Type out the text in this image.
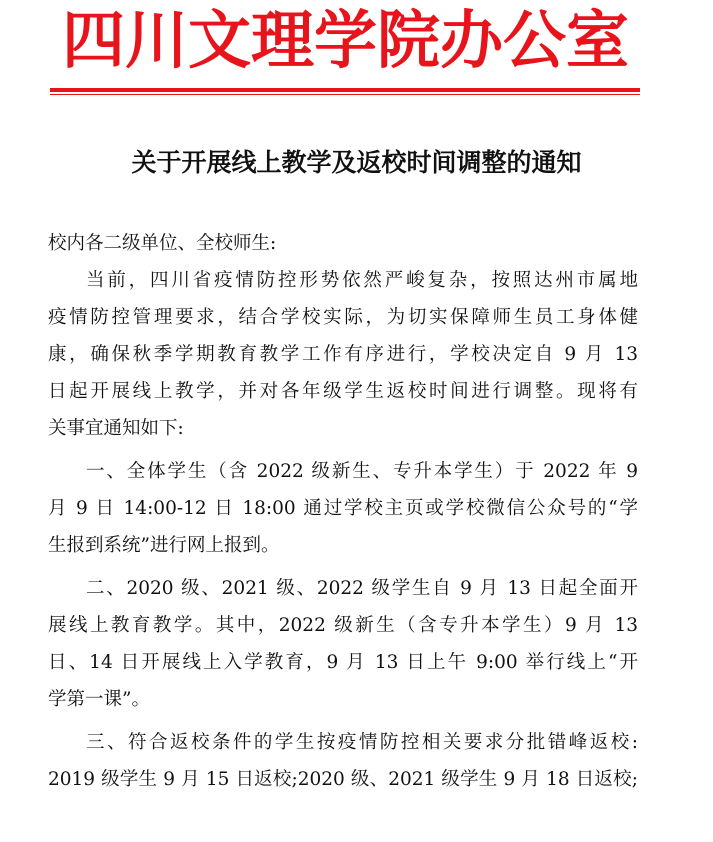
四川文理学院办公室
关于开展线上教学及返校时间调整的通知
校内各二级单位、全校师生:
当前，四川省疫情防控形势依然严峻复杂，按照达州市属地
疫情防控管理要求，结合学校实际，为切实保障师生员工身体健
康，确保秋季学期教育教学工作有序进行，学校决定自 9 月 13
日起开展线上教学，并对各年级学生返校时间进行调整。现将有
关事宜通知如下:
一、全体学生（含 2022 级新生、专升本学生）于 2022 年 9
月 9 日 14:00-12 日 18:00 通过学校主页或学校微信公众号的“学
生报到系统”进行网上报到。
二、2020 级、2021 级、2022 级学生自 9 月 13 日起全面开
展线上教育教学。其中，2022 级新生（含专升本学生）9 月 13
日、14 日开展线上入学教育，9 月 13 日上午 9:00 举行线上“开
学第一课”。
三、符合返校条件的学生按疫情防控相关要求分批错峰返校:
2019 级学生 9 月 15 日返校;2020 级、2021 级学生 9 月 18 日返校;
